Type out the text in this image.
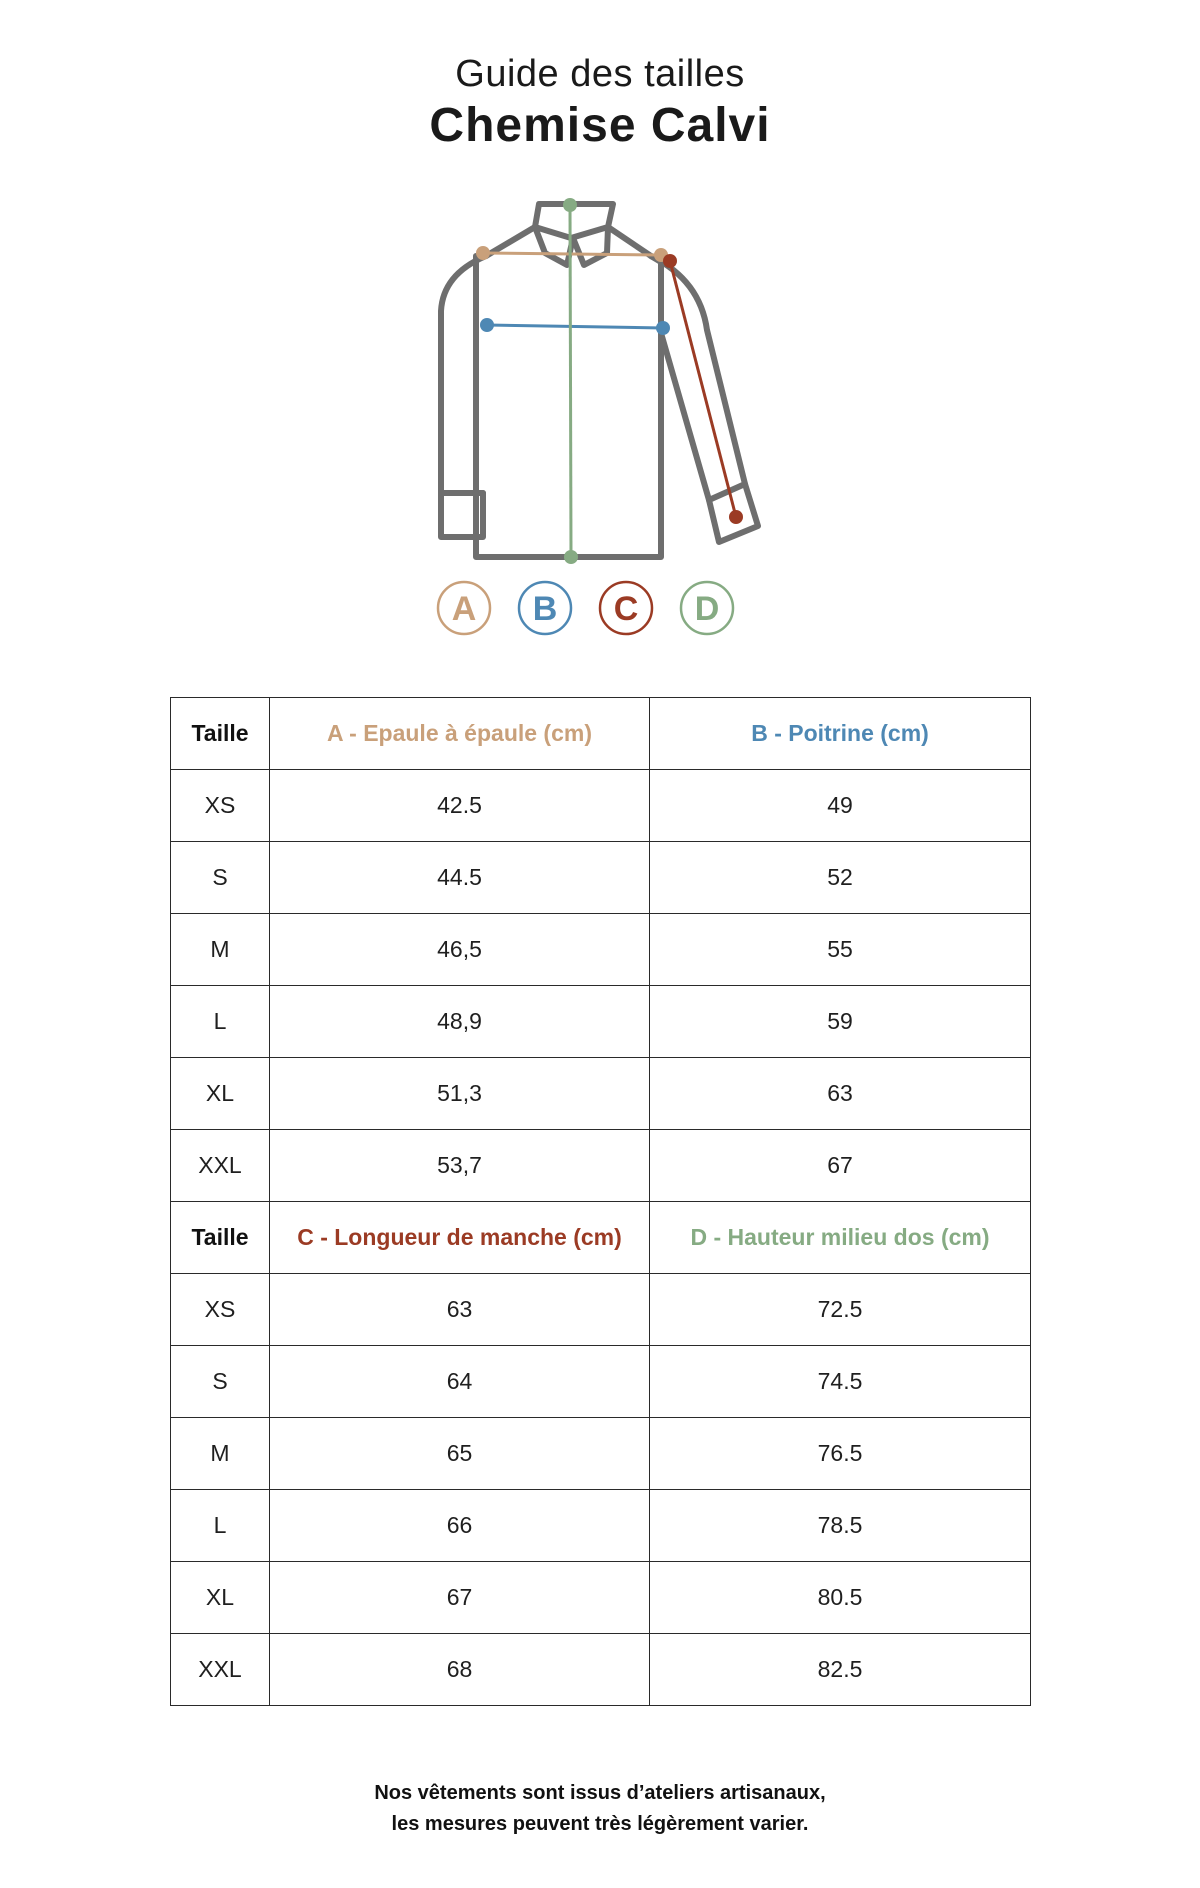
Guide des tailles
Chemise Calvi
A B C D
Taille	A - Epaule à épaule (cm)	B - Poitrine (cm)
XS	42.5	49
S	44.5	52
M	46,5	55
L	48,9	59
XL	51,3	63
XXL	53,7	67
Taille	C - Longueur de manche (cm)	D - Hauteur milieu dos (cm)
XS	63	72.5
S	64	74.5
M	65	76.5
L	66	78.5
XL	67	80.5
XXL	68	82.5
Nos vêtements sont issus d’ateliers artisanaux,
les mesures peuvent très légèrement varier.
